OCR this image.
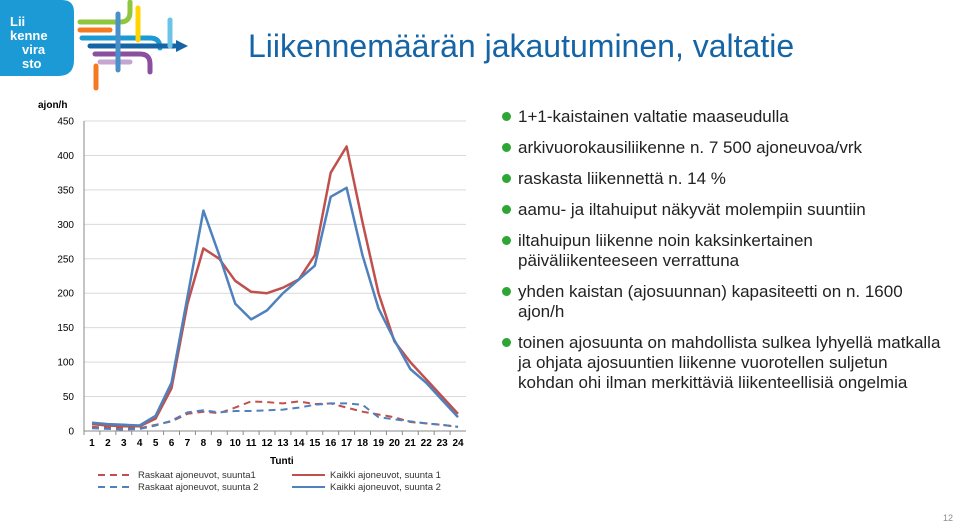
Lii
kenne
vira
sto	Liikennemäärän jakautuminen, valtatie
0
50
100
150
200
250
300
350
400
450
1 2 3 4 5 6 7 8 9 10 11 12 13 14 15 16 17 18 19 20 21 22 23 24
ajon/h
Tunti
Raskaat ajoneuvot, suunta1	Kaikki ajoneuvot, suunta 1
Raskaat ajoneuvot, suunta 2	Kaikki ajoneuvot, suunta 2
1+1-kaistainen valtatie maaseudulla
arkivuorokausiliikenne n. 7 500 ajoneuvoa/vrk
raskasta liikennettä n. 14 %
aamu- ja iltahuiput näkyvät molempiin suuntiin
iltahuipun liikenne noin kaksinkertainen päiväliikenteeseen verrattuna
yhden kaistan (ajosuunnan) kapasiteetti on n. 1600 ajon/h
toinen ajosuunta on mahdollista sulkea lyhyellä matkalla ja ohjata ajosuuntien liikenne vuorotellen suljetun kohdan ohi ilman merkittäviä liikenteellisiä ongelmia
12
